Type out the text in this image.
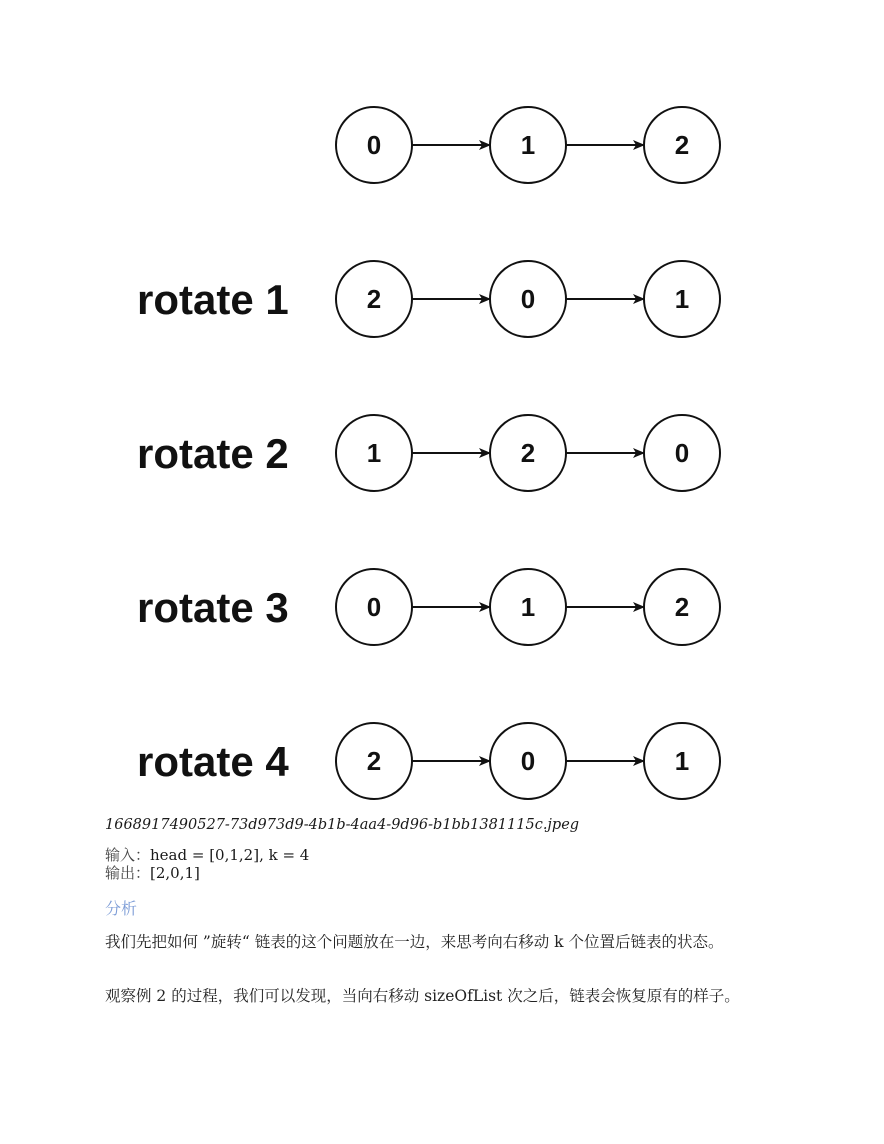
0	1	2
rotate 1	2	0	1
rotate 2	1	2	0
rotate 3	0	1	2
rotate 4	2	0	1
1668917490527-73d973d9-4b1b-4aa4-9d96-b1bb1381115c.jpeg
输入：head = [0,1,2], k = 4
输出：[2,0,1]
分析
我们先把如何 ”旋转“ 链表的这个问题放在一边，来思考向右移动 k 个位置后链表的状态。
观察例 2 的过程，我们可以发现，当向右移动 sizeOfList 次之后，链表会恢复原有的样子。
